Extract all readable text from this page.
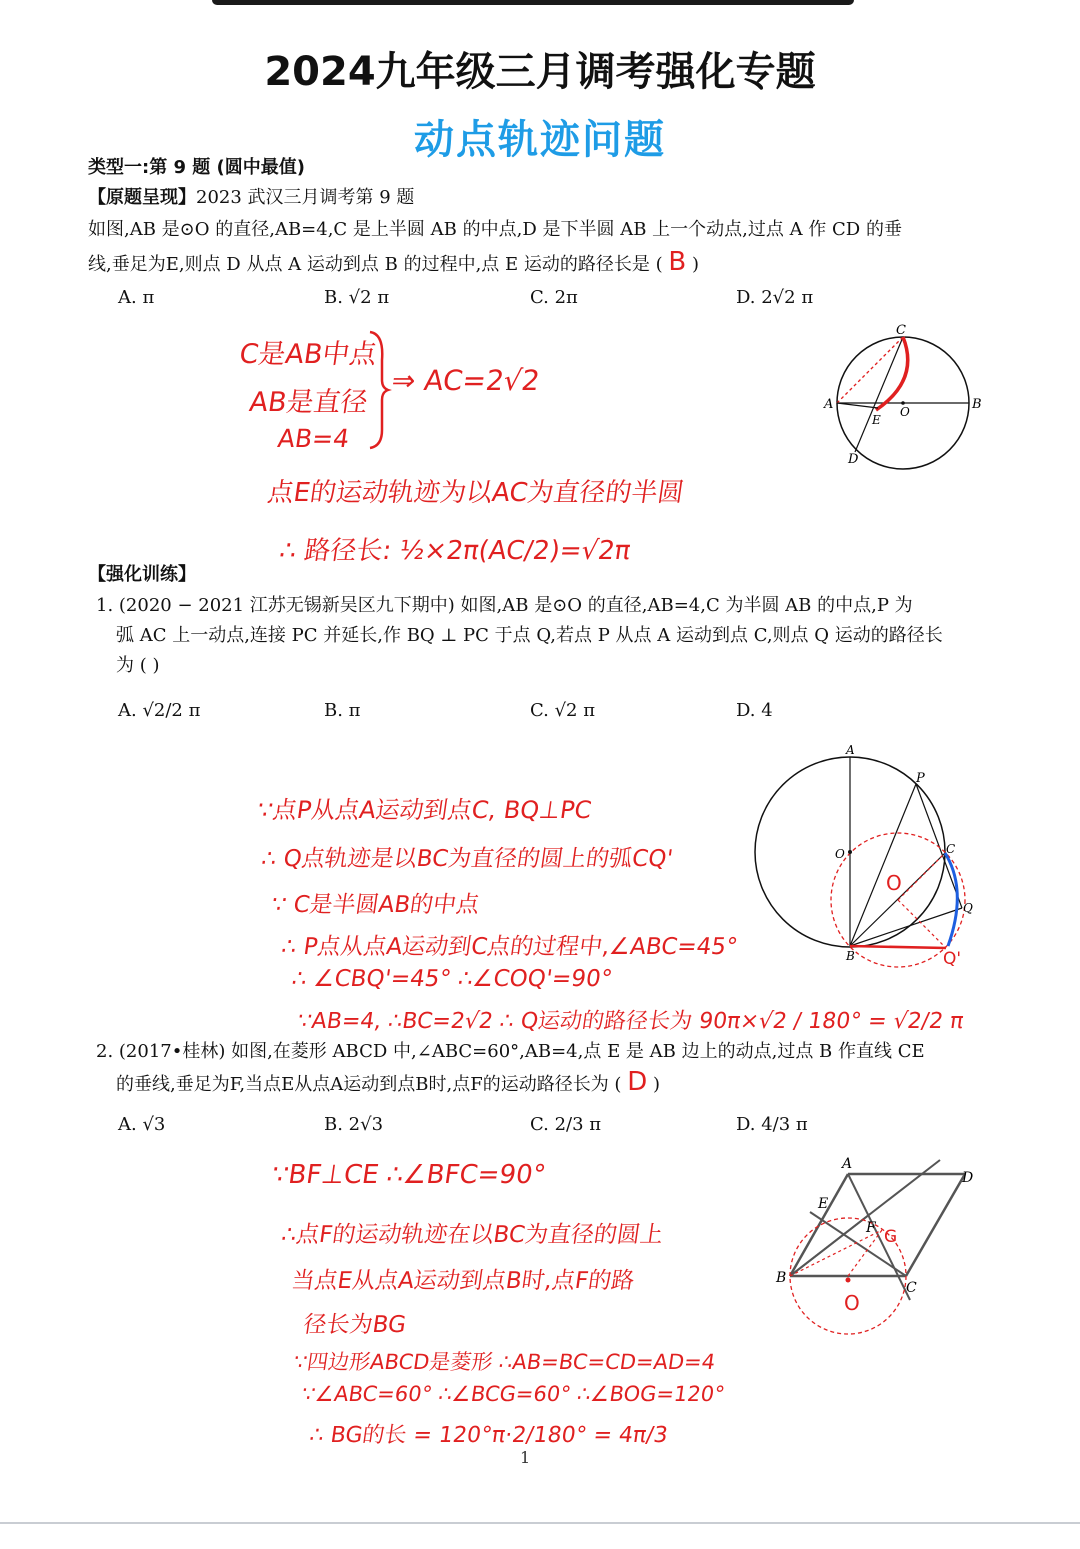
2024九年级三月调考强化专题
动点轨迹问题
类型一:第 9 题 (圆中最值)
【原题呈现】2023 武汉三月调考第 9 题
如图,AB 是⊙O 的直径,AB=4,C 是上半圆 AB 的中点,D 是下半圆 AB 上一个动点,过点 A 作 CD 的垂
线,垂足为E,则点 D 从点 A 运动到点 B 的过程中,点 E 运动的路径长是 ( B )
A. π	B. √2 π	C. 2π	D. 2√2 π
C是AB中点
AB是直径
AB=4
⇒ AC=2√2
点E的运动轨迹为以AC为直径的半圆
∴ 路径长: ½×2π(AC/2)=√2π
C
A	B
O
E
D
【强化训练】
1. (2020 − 2021 江苏无锡新吴区九下期中) 如图,AB 是⊙O 的直径,AB=4,C 为半圆 AB 的中点,P 为
弧 AC 上一动点,连接 PC 并延长,作 BQ ⊥ PC 于点 Q,若点 P 从点 A 运动到点 C,则点 Q 运动的路径长
为 ( )
A. √2/2 π	B. π	C. √2 π	D. 4
∵点P从点A运动到点C, BQ⊥PC
∴ Q点轨迹是以BC为直径的圆上的弧CQ'
∵ C是半圆AB的中点
∴ P点从点A运动到C点的过程中,∠ABC=45°
∴ ∠CBQ'=45° ∴∠COQ'=90°
∵AB=4, ∴BC=2√2 ∴ Q运动的路径长为 90π×√2 / 180° = √2/2 π
A
P
O	C
Q
B	Q'
O
2. (2017•桂林) 如图,在菱形 ABCD 中,∠ABC=60°,AB=4,点 E 是 AB 边上的动点,过点 B 作直线 CE
的垂线,垂足为F,当点E从点A运动到点B时,点F的运动路径长为 ( D )
A. √3	B. 2√3	C. 2/3 π	D. 4/3 π
∵BF⊥CE ∴∠BFC=90°
∴点F的运动轨迹在以BC为直径的圆上
当点E从点A运动到点B时,点F的路
径长为BG
∵四边形ABCD是菱形 ∴AB=BC=CD=AD=4
∵∠ABC=60° ∴∠BCG=60° ∴∠BOG=120°
∴ BG的长 = 120°π·2/180° = 4π/3
A
D
E
F G
B
C
O
1
